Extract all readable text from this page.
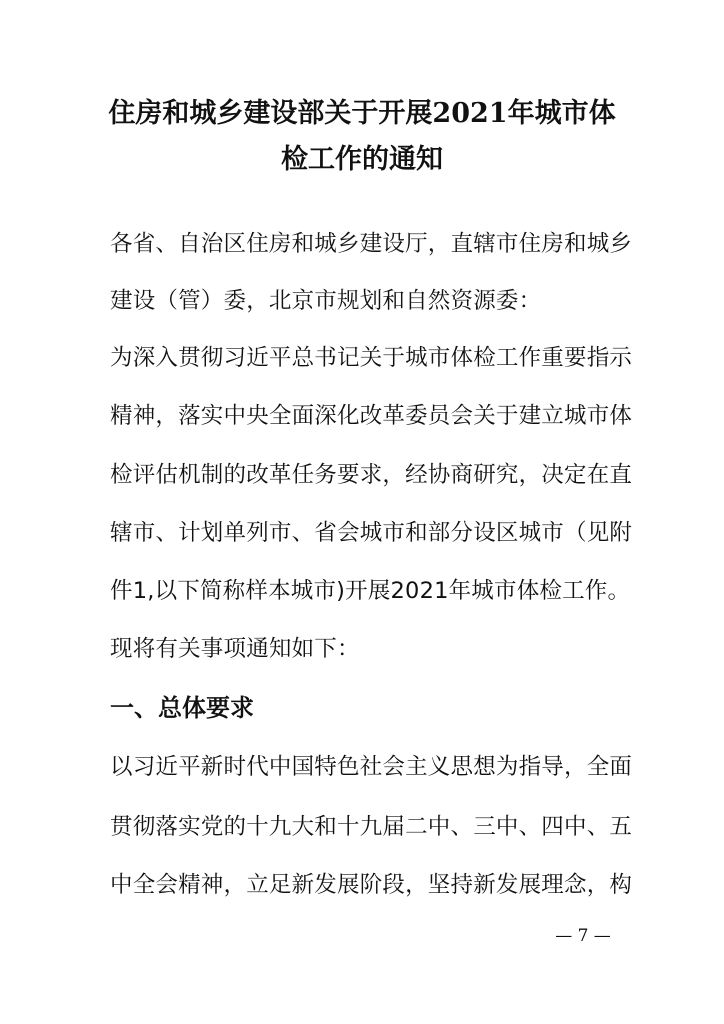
住房和城乡建设部关于开展2021年城市体
检工作的通知
各省、自治区住房和城乡建设厅，直辖市住房和城乡
建设（管）委，北京市规划和自然资源委：
为深入贯彻习近平总书记关于城市体检工作重要指示
精神，落实中央全面深化改革委员会关于建立城市体
检评估机制的改革任务要求，经协商研究，决定在直
辖市、计划单列市、省会城市和部分设区城市（见附
件1,以下简称样本城市)开展2021年城市体检工作。
现将有关事项通知如下：
一、总体要求
以习近平新时代中国特色社会主义思想为指导，全面
贯彻落实党的十九大和十九届二中、三中、四中、五
中全会精神，立足新发展阶段，坚持新发展理念，构
— 7 —
